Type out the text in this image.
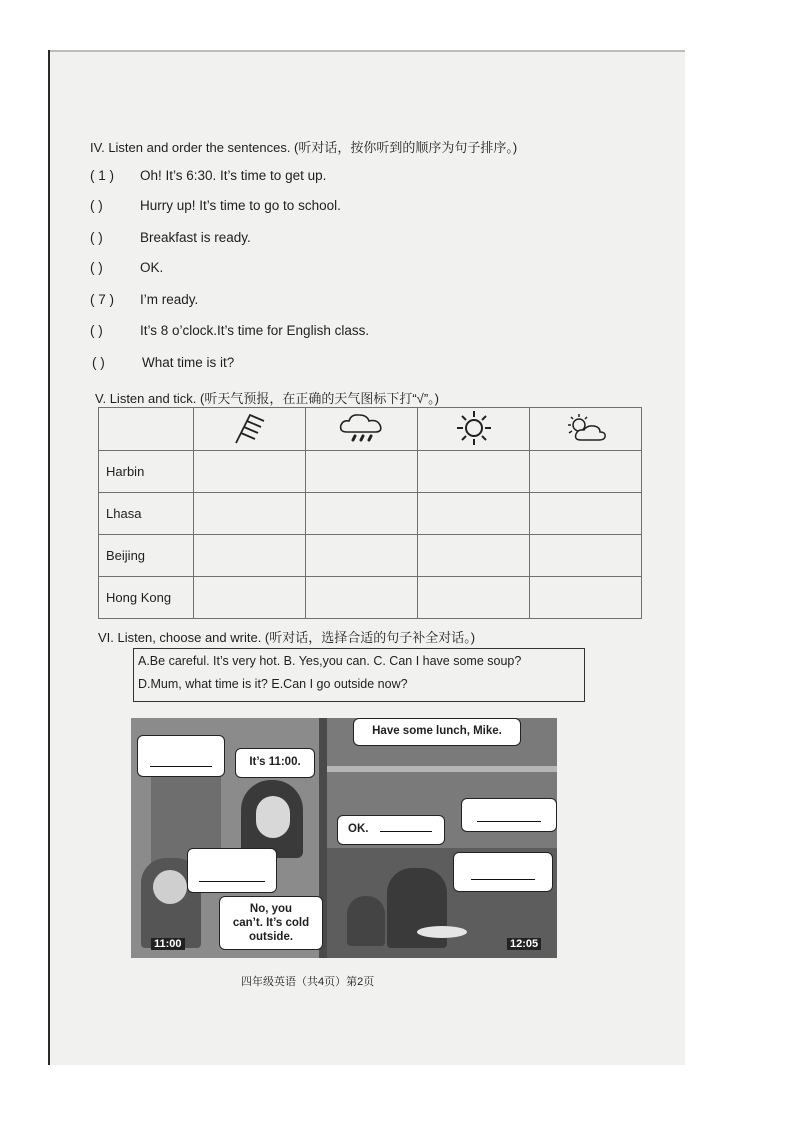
IV. Listen and order the sentences. (听对话，按你听到的顺序为句子排序。)
( 1 )	Oh! It’s 6:30. It’s time to get up.
( )	Hurry up! It’s time to go to school.
( )	Breakfast is ready.
( )	OK.
( 7 )	I’m ready.
( )	It’s 8 o’clock.It’s time for English class.
( )	What time is it?
V. Listen and tick. (听天气预报，在正确的天气图标下打“√”。)

Harbin				
Lhasa				
Beijing				
Hong Kong				
VI. Listen, choose and write. (听对话，选择合适的句子补全对话。)
A.Be careful. It’s very hot. B. Yes,you can. C. Can I have some soup?
D.Mum, what time is it? E.Can I go outside now?
It’s 11:00.
No, you
can’t. It’s cold
outside.
11:00
Have some lunch, Mike.
OK.
12:05
四年级英语（共4页）第2页
